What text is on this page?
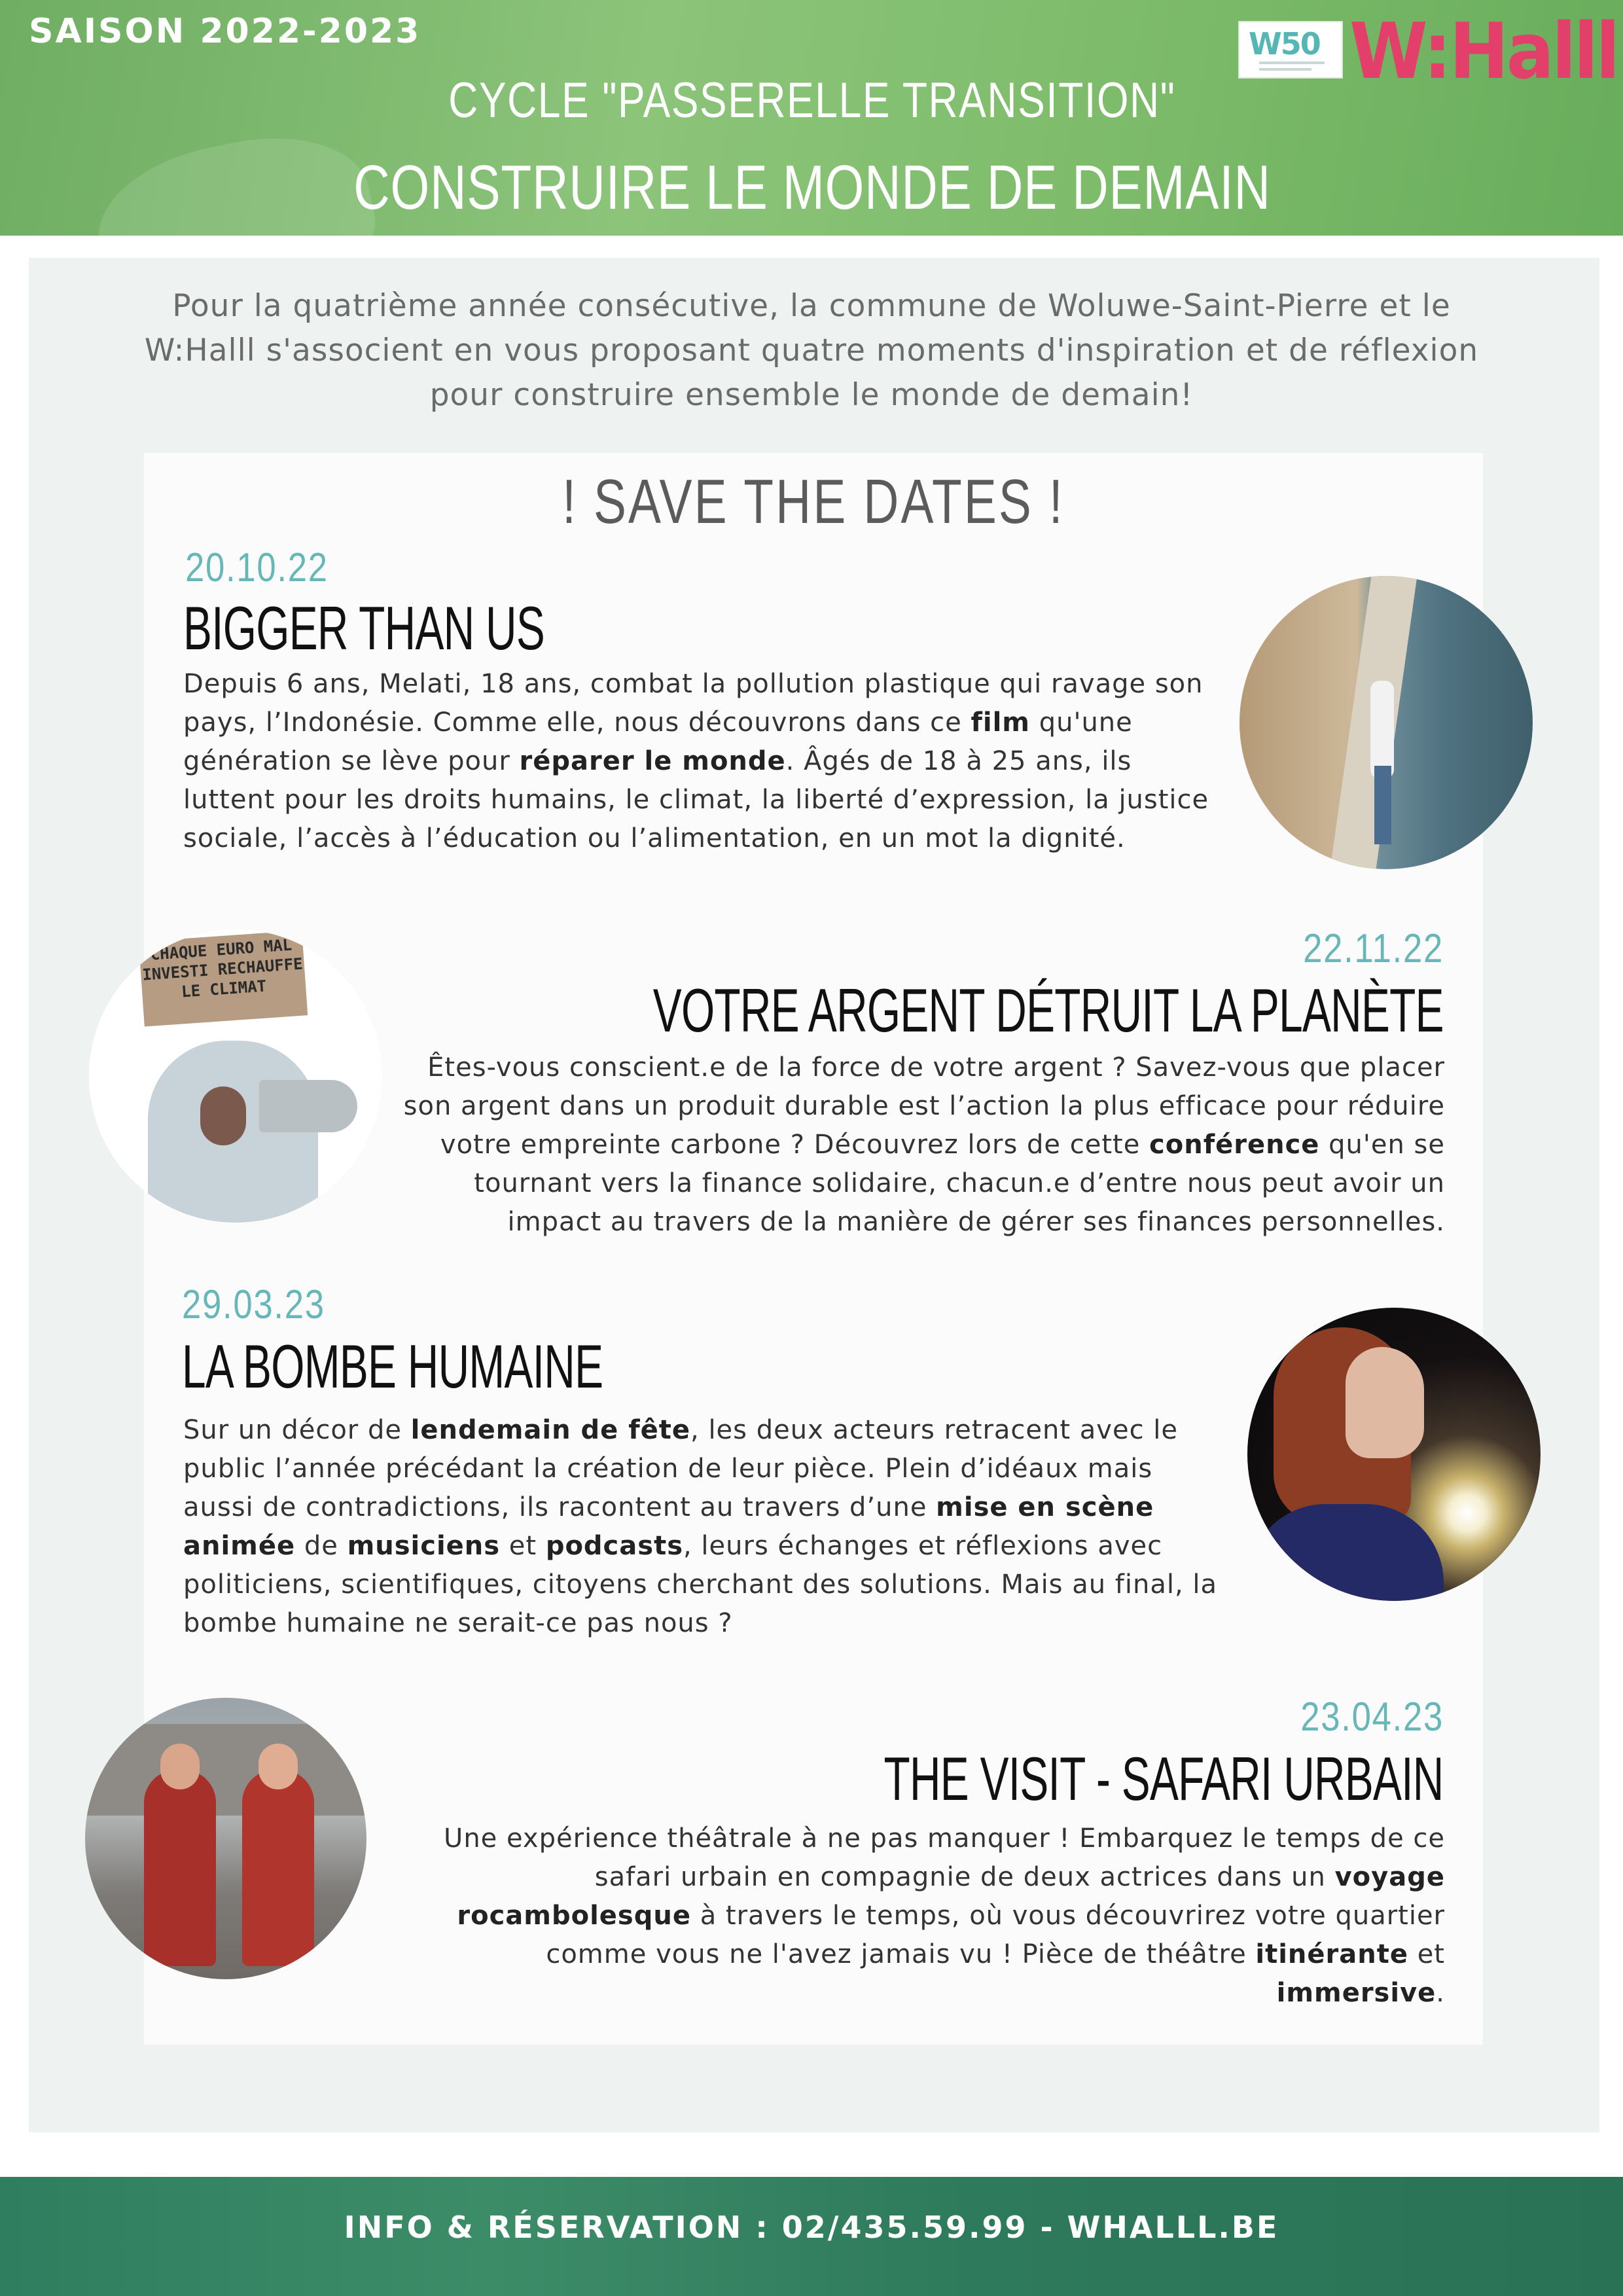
SAISON 2022-2023
CYCLE "PASSERELLE TRANSITION"
CONSTRUIRE LE MONDE DE DEMAIN
W50 W:Halll
Pour la quatrième année consécutive, la commune de Woluwe-Saint-Pierre et le W:Halll s'associent en vous proposant quatre moments d'inspiration et de réflexion pour construire ensemble le monde de demain!
! SAVE THE DATES !
20.10.22
BIGGER THAN US
Depuis 6 ans, Melati, 18 ans, combat la pollution plastique qui ravage son pays, l’Indonésie. Comme elle, nous découvrons dans ce film qu'une génération se lève pour réparer le monde. Âgés de 18 à 25 ans, ils luttent pour les droits humains, le climat, la liberté d’expression, la justice sociale, l’accès à l’éducation ou l’alimentation, en un mot la dignité.
22.11.22
VOTRE ARGENT DÉTRUIT LA PLANÈTE
Êtes-vous conscient.e de la force de votre argent ? Savez-vous que placer son argent dans un produit durable est l’action la plus efficace pour réduire votre empreinte carbone ? Découvrez lors de cette conférence qu'en se tournant vers la finance solidaire, chacun.e d’entre nous peut avoir un impact au travers de la manière de gérer ses finances personnelles.
CHAQUE EURO MAL INVESTI RECHAUFFE LE CLIMAT
29.03.23
LA BOMBE HUMAINE
Sur un décor de lendemain de fête, les deux acteurs retracent avec le public l’année précédant la création de leur pièce. Plein d’idéaux mais aussi de contradictions, ils racontent au travers d’une mise en scène animée de musiciens et podcasts, leurs échanges et réflexions avec politiciens, scientifiques, citoyens cherchant des solutions. Mais au final, la bombe humaine ne serait-ce pas nous ?
23.04.23
THE VISIT - SAFARI URBAIN
Une expérience théâtrale à ne pas manquer ! Embarquez le temps de ce safari urbain en compagnie de deux actrices dans un voyage rocambolesque à travers le temps, où vous découvrirez votre quartier comme vous ne l'avez jamais vu ! Pièce de théâtre itinérante et immersive.
INFO & RÉSERVATION : 02/435.59.99 - WHALLL.BE
